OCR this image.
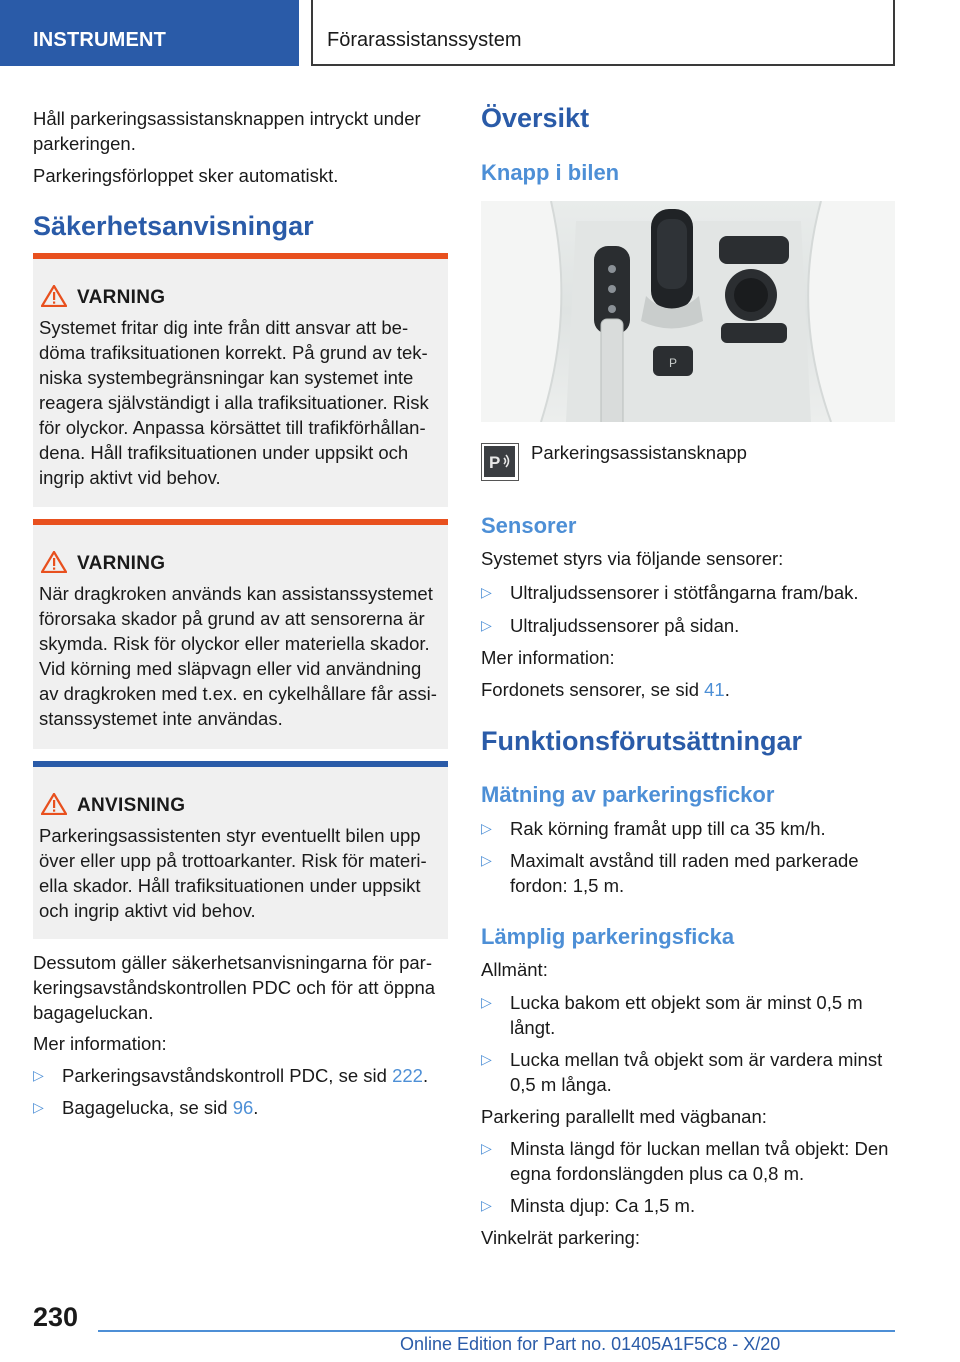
INSTRUMENT	Förarassistanssystem

Håll parkeringsassistansknappen intryckt under parkeringen.

Parkeringsförloppet sker automatiskt.

Säkerhetsanvisningar
VARNING
Systemet fritar dig inte från ditt ansvar att bedöma trafiksituationen korrekt. På grund av tekniska systembegränsningar kan systemet inte reagera självständigt i alla trafiksituationer. Risk för olyckor. Anpassa körsättet till trafikförhållandena. Håll trafiksituationen under uppsikt och ingrip aktivt vid behov.
VARNING
När dragkroken används kan assistanssystemet förorsaka skador på grund av att sensorerna är skymda. Risk för olyckor eller materiella skador. Vid körning med släpvagn eller vid användning av dragkroken med t.ex. en cykelhållare får assistanssystemet inte användas.
ANVISNING
Parkeringsassistenten styr eventuellt bilen upp över eller upp på trottoarkanter. Risk för materiella skador. Håll trafiksituationen under uppsikt och ingrip aktivt vid behov.

Dessutom gäller säkerhetsanvisningarna för parkeringsavståndskontrollen PDC och för att öppna bagageluckan.

Mer information:

▷ Parkeringsavståndskontroll PDC, se sid 222.
▷ Bagagelucka, se sid 96.
Översikt
Knapp i bilen
P
P Parkeringsassistansknapp

Sensorer

Systemet styrs via följande sensorer:

▷ Ultraljudssensorer i stötfångarna fram/bak.
▷ Ultraljudssensorer på sidan.

Mer information:

Fordonets sensorer, se sid 41.

Funktionsförutsättningar
Mätning av parkeringsfickor
▷ Rak körning framåt upp till ca 35 km/h.
▷ Maximalt avstånd till raden med parkerade fordon: 1,5 m.
Lämplig parkeringsficka

Allmänt:

▷ Lucka bakom ett objekt som är minst 0,5 m långt.
▷ Lucka mellan två objekt som är vardera minst 0,5 m långa.

Parkering parallellt med vägbanan:

▷ Minsta längd för luckan mellan två objekt: Den egna fordonslängden plus ca 0,8 m.
▷ Minsta djup: Ca 1,5 m.

Vinkelrät parkering:

230
Online Edition for Part no. 01405A1F5C8 - X/20
